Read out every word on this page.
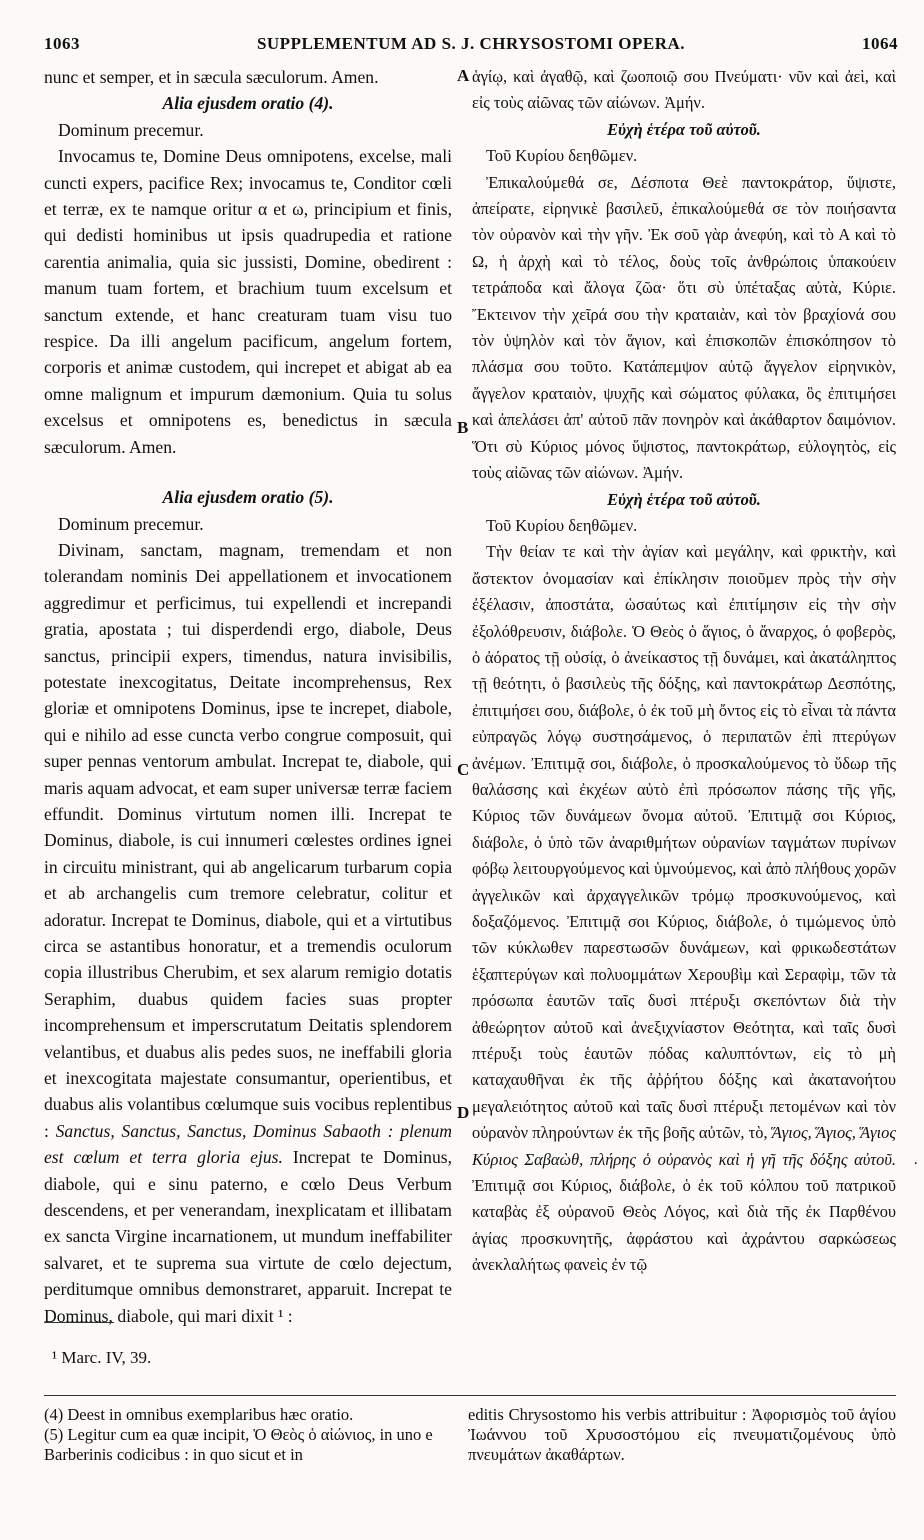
1063	SUPPLEMENTUM AD S. J. CHRYSOSTOMI OPERA.	1064

nunc et semper, et in sæcula sæculorum. Amen.

Alia ejusdem oratio (4).

Dominum precemur.

Invocamus te, Domine Deus omnipotens, excelse, mali cuncti expers, pacifice Rex; invocamus te, Conditor cœli et terræ, ex te namque oritur α et ω, principium et finis, qui dedisti hominibus ut ipsis quadrupedia et ratione carentia animalia, quia sic jussisti, Domine, obedirent : manum tuam fortem, et brachium tuum excelsum et sanctum extende, et hanc creaturam tuam visu tuo respice. Da illi angelum pacificum, angelum fortem, corporis et animæ custodem, qui increpet et abigat ab ea omne malignum et impurum dæmonium. Quia tu solus excelsus et omnipotens es, benedictus in sæcula sæculorum. Amen.

Alia ejusdem oratio (5).

Dominum precemur.

Divinam, sanctam, magnam, tremendam et non tolerandam nominis Dei appellationem et invocationem aggredimur et perficimus, tui expellendi et increpandi gratia, apostata ; tui disperdendi ergo, diabole, Deus sanctus, principii expers, timendus, natura invisibilis, potestate inexcogitatus, Deitate incomprehensus, Rex gloriæ et omnipotens Dominus, ipse te increpet, diabole, qui e nihilo ad esse cuncta verbo congrue composuit, qui super pennas ventorum ambulat. Increpat te, diabole, qui maris aquam advocat, et eam super universæ terræ faciem effundit. Dominus virtutum nomen illi. Increpat te Dominus, diabole, is cui innumeri cœlestes ordines ignei in circuitu ministrant, qui ab angelicarum turbarum copia et ab archangelis cum tremore celebratur, colitur et adoratur. Increpat te Dominus, diabole, qui et a virtutibus circa se astantibus honoratur, et a tremendis oculorum copia illustribus Cherubim, et sex alarum remigio dotatis Seraphim, duabus quidem facies suas propter incomprehensum et imperscrutatum Deitatis splendorem velantibus, et duabus alis pedes suos, ne ineffabili gloria et inexcogitata majestate consumantur, operientibus, et duabus alis volantibus cœlumque suis vocibus replentibus : Sanctus, Sanctus, Sanctus, Dominus Sabaoth : plenum est cœlum et terra gloria ejus. Increpat te Dominus, diabole, qui e sinu paterno, e cœlo Deus Verbum descendens, et per venerandam, inexplicatam et illibatam ex sancta Virgine incarnationem, ut mundum ineffabiliter salvaret, et te suprema sua virtute de cœlo dejectum, perditumque omnibus demonstraret, apparuit. Increpat te Dominus, diabole, qui mari dixit ¹ :

A
B
C
D

ἁγίῳ, καὶ ἀγαθῷ, καὶ ζωοποιῷ σου Πνεύματι· νῦν καὶ ἀεὶ, καὶ εἰς τοὺς αἰῶνας τῶν αἰώνων. Ἀμήν.

Εὐχὴ ἑτέρα τοῦ αὐτοῦ.

Τοῦ Κυρίου δεηθῶμεν.

Ἐπικαλούμεθά σε, Δέσποτα Θεὲ παντοκράτορ, ὕψιστε, ἀπείρατε, εἰρηνικὲ βασιλεῦ, ἐπικαλούμεθά σε τὸν ποιήσαντα τὸν οὐρανὸν καὶ τὴν γῆν. Ἐκ σοῦ γὰρ ἀνεφύη, καὶ τὸ Α καὶ τὸ Ω, ἡ ἀρχὴ καὶ τὸ τέλος, δοὺς τοῖς ἀνθρώποις ὑπακούειν τετράποδα καὶ ἄλογα ζῶα· ὅτι σὺ ὑπέταξας αὐτὰ, Κύριε. Ἔκτεινον τὴν χεῖρά σου τὴν κραταιὰν, καὶ τὸν βραχίονά σου τὸν ὑψηλὸν καὶ τὸν ἅγιον, καὶ ἐπισκοπῶν ἐπισκόπησον τὸ πλάσμα σου τοῦτο. Κατάπεμψον αὐτῷ ἄγγελον εἰρηνικὸν, ἄγγελον κραταιὸν, ψυχῆς καὶ σώματος φύλακα, ὃς ἐπιτιμήσει καὶ ἀπελάσει ἀπ' αὐτοῦ πᾶν πονηρὸν καὶ ἀκάθαρτον δαιμόνιον. Ὅτι σὺ Κύριος μόνος ὕψιστος, παντοκράτωρ, εὐλογητὸς, εἰς τοὺς αἰῶνας τῶν αἰώνων. Ἀμήν.

Εὐχὴ ἑτέρα τοῦ αὐτοῦ.

Τοῦ Κυρίου δεηθῶμεν.

Τὴν θείαν τε καὶ τὴν ἁγίαν καὶ μεγάλην, καὶ φρικτὴν, καὶ ἄστεκτον ὀνομασίαν καὶ ἐπίκλησιν ποιοῦμεν πρὸς τὴν σὴν ἐξέλασιν, ἀποστάτα, ὡσαύτως καὶ ἐπιτίμησιν εἰς τὴν σὴν ἐξολόθρευσιν, διάβολε. Ὁ Θεὸς ὁ ἅγιος, ὁ ἄναρχος, ὁ φοβερὸς, ὁ ἀόρατος τῇ οὐσίᾳ, ὁ ἀνείκαστος τῇ δυνάμει, καὶ ἀκατάληπτος τῇ θεότητι, ὁ βασιλεὺς τῆς δόξης, καὶ παντοκράτωρ Δεσπότης, ἐπιτιμήσει σου, διάβολε, ὁ ἐκ τοῦ μὴ ὄντος εἰς τὸ εἶναι τὰ πάντα εὐπραγῶς λόγῳ συστησάμενος, ὁ περιπατῶν ἐπὶ πτερύγων ἀνέμων. Ἐπιτιμᾷ σοι, διάβολε, ὁ προσκαλούμενος τὸ ὕδωρ τῆς θαλάσσης καὶ ἐκχέων αὐτὸ ἐπὶ πρόσωπον πάσης τῆς γῆς, Κύριος τῶν δυνάμεων ὄνομα αὐτοῦ. Ἐπιτιμᾷ σοι Κύριος, διάβολε, ὁ ὑπὸ τῶν ἀναριθμήτων οὐρανίων ταγμάτων πυρίνων φόβῳ λειτουργούμενος καὶ ὑμνούμενος, καὶ ἀπὸ πλήθους χορῶν ἀγγελικῶν καὶ ἀρχαγγελικῶν τρόμῳ προσκυνούμενος, καὶ δοξαζόμενος. Ἐπιτιμᾷ σοι Κύριος, διάβολε, ὁ τιμώμενος ὑπὸ τῶν κύκλωθεν παρεστωσῶν δυνάμεων, καὶ φρικωδεστάτων ἑξαπτερύγων καὶ πολυομμάτων Χερουβὶμ καὶ Σεραφὶμ, τῶν τὰ πρόσωπα ἑαυτῶν ταῖς δυσὶ πτέρυξι σκεπόντων διὰ τὴν ἀθεώρητον αὐτοῦ καὶ ἀνεξιχνίαστον Θεότητα, καὶ ταῖς δυσὶ πτέρυξι τοὺς ἑαυτῶν πόδας καλυπτόντων, εἰς τὸ μὴ καταχαυθῆναι ἐκ τῆς ἀῤῥήτου δόξης καὶ ἀκατανοήτου μεγαλειότητος αὐτοῦ καὶ ταῖς δυσὶ πτέρυξι πετομένων καὶ τὸν οὐρανὸν πληρούντων ἐκ τῆς βοῆς αὐτῶν, τὸ, Ἅγιος, Ἅγιος, Ἅγιος Κύριος Σαβαὼθ, πλήρης ὁ οὐρανὸς καὶ ἡ γῆ τῆς δόξης αὐτοῦ. Ἐπιτιμᾷ σοι Κύριος, διάβολε, ὁ ἐκ τοῦ κόλπου τοῦ πατρικοῦ καταβὰς ἐξ οὐρανοῦ Θεὸς Λόγος, καὶ διὰ τῆς ἐκ Παρθένου ἁγίας προσκυνητῆς, ἀφράστου καὶ ἀχράντου σαρκώσεως ἀνεκλαλήτως φανεὶς ἐν τῷ

¹ Marc. IV, 39.
(4) Deest in omnibus exemplaribus hæc oratio.
(5) Legitur cum ea quæ incipit, Ὁ Θεὸς ὁ αἰώνιος, in uno e Barberinis codicibus : in quo sicut et in
editis Chrysostomo his verbis attribuitur : Ἀφορισμὸς τοῦ ἁγίου Ἰωάννου τοῦ Χρυσοστόμου εἰς πνευματιζομένους ὑπὸ πνευμάτων ἀκαθάρτων.
·
